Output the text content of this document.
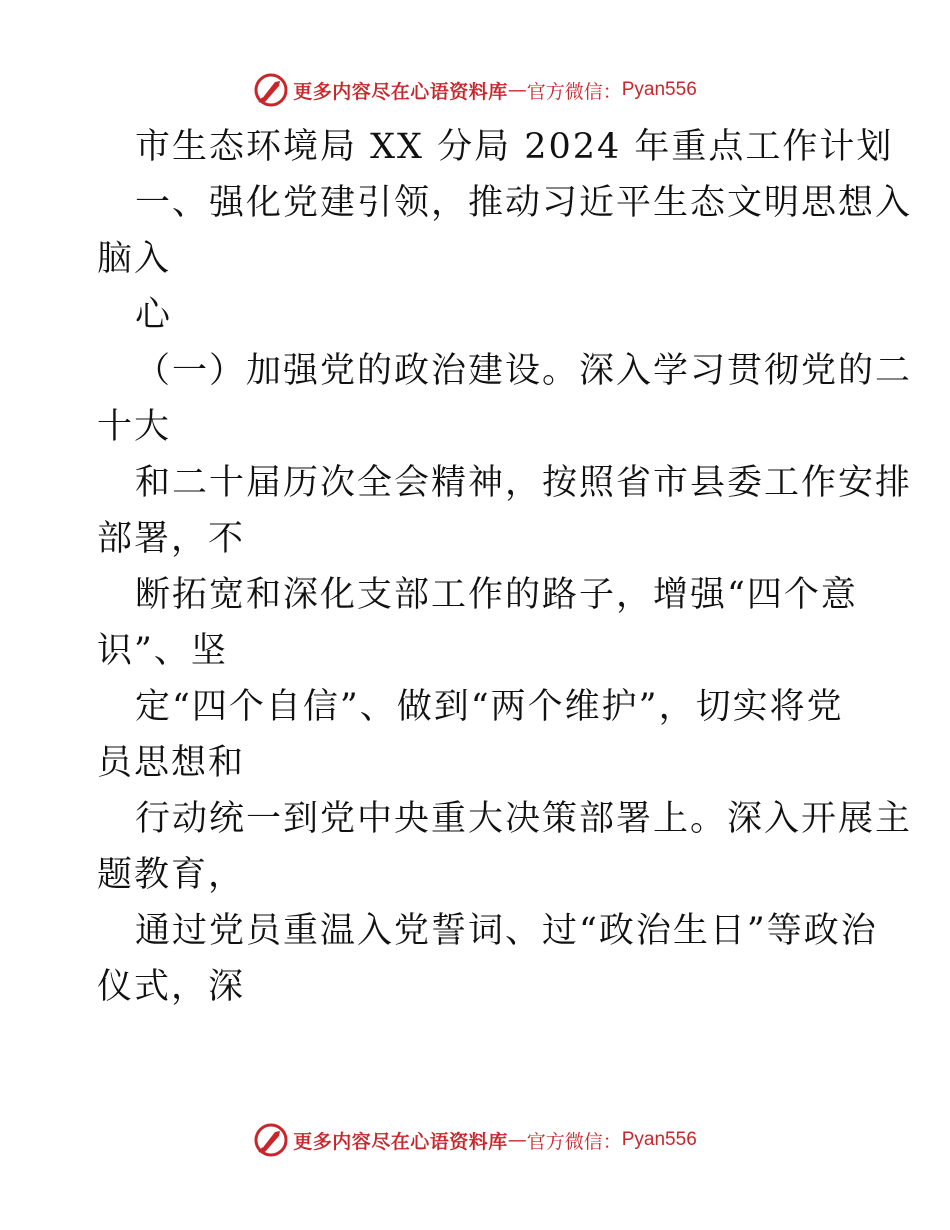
更多内容尽在心语资料库 — 官方微信： Pyan556
市生态环境局 XX 分局 2024 年重点工作计划
一、强化党建引领，推动习近平生态文明思想入
脑入
心
（一）加强党的政治建设。深入学习贯彻党的二
十大
和二十届历次全会精神，按照省市县委工作安排
部署，不
断拓宽和深化支部工作的路子，增强“四个意
识”、坚
定“四个自信”、做到“两个维护”，切实将党
员思想和
行动统一到党中央重大决策部署上。深入开展主
题教育，
通过党员重温入党誓词、过“政治生日”等政治
仪式，深
更多内容尽在心语资料库 — 官方微信： Pyan556
